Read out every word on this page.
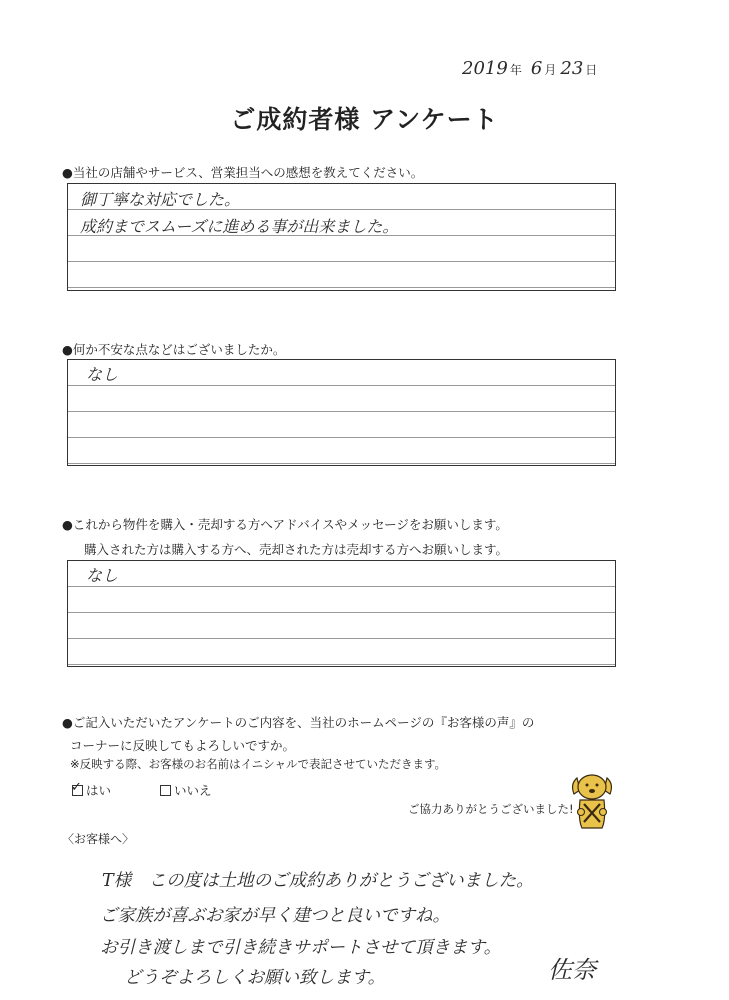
2019 年 6 月 23 日
ご成約者様 アンケート
●当社の店舗やサービス、営業担当への感想を教えてください。
御丁寧な対応でした。
成約までスムーズに進める事が出来ました。
●何か不安な点などはございましたか。
なし
●これから物件を購入・売却する方へアドバイスやメッセージをお願いします。
購入された方は購入する方へ、売却された方は売却する方へお願いします。
なし
●ご記入いただいたアンケートのご内容を、当社のホームページの『お客様の声』の
コーナーに反映してもよろしいですか。
※反映する際、お客様のお名前はイニシャルで表記させていただきます。
✓ はい	いいえ
ご協力ありがとうございました!
〈お客様へ〉
T様　この度は土地のご成約ありがとうございました。
ご家族が喜ぶお家が早く建つと良いですね。
お引き渡しまで引き続きサポートさせて頂きます。
どうぞよろしくお願い致します。	佐奈
